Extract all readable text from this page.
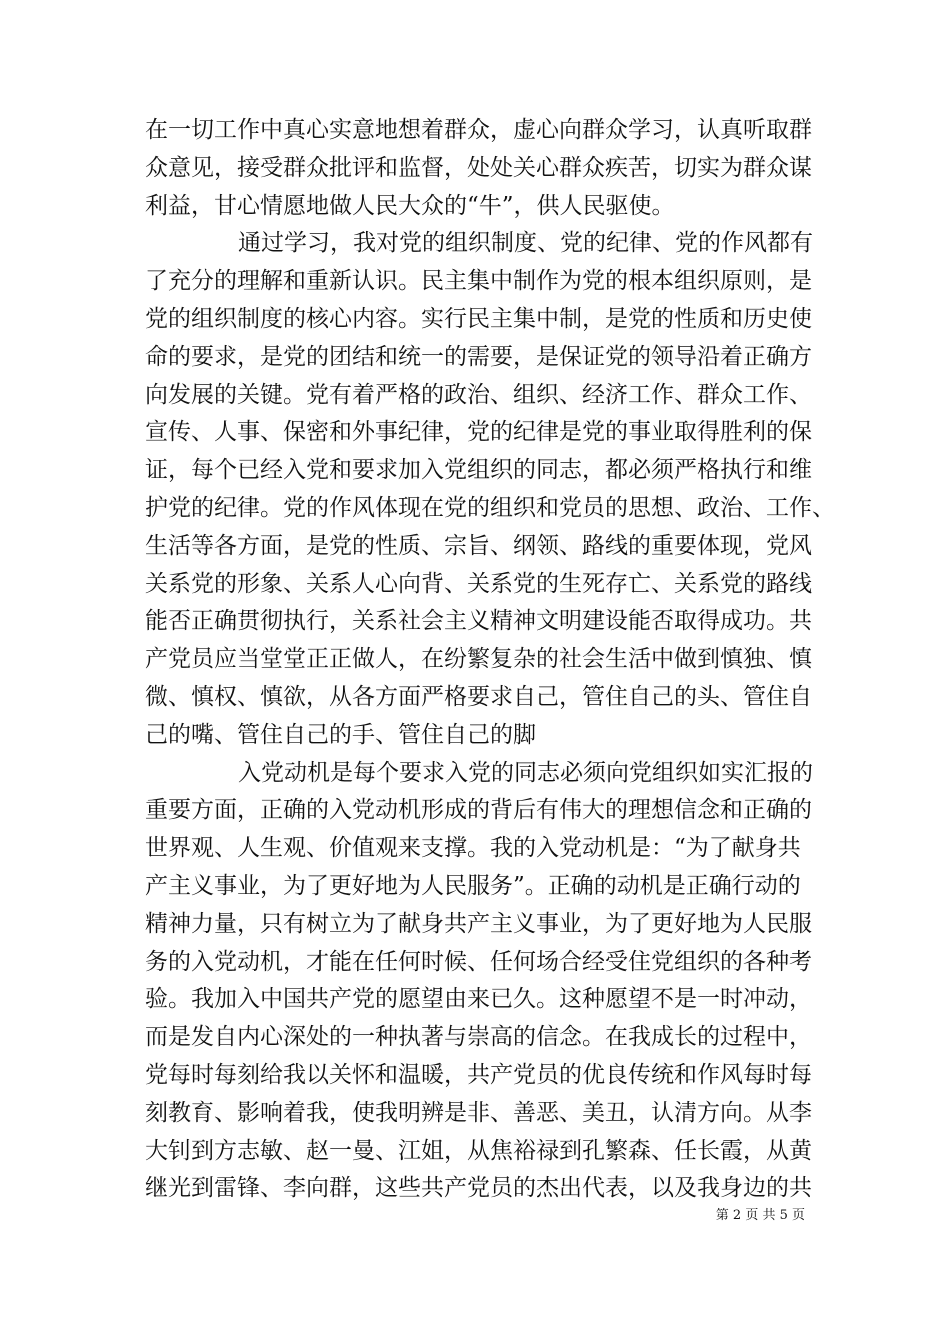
在一切工作中真心实意地想着群众，虚心向群众学习，认真听取群
众意见，接受群众批评和监督，处处关心群众疾苦，切实为群众谋
利益，甘心情愿地做人民大众的“牛”，供人民驱使。
通过学习，我对党的组织制度、党的纪律、党的作风都有
了充分的理解和重新认识。民主集中制作为党的根本组织原则，是
党的组织制度的核心内容。实行民主集中制，是党的性质和历史使
命的要求，是党的团结和统一的需要，是保证党的领导沿着正确方
向发展的关键。党有着严格的政治、组织、经济工作、群众工作、
宣传、人事、保密和外事纪律，党的纪律是党的事业取得胜利的保
证，每个已经入党和要求加入党组织的同志，都必须严格执行和维
护党的纪律。党的作风体现在党的组织和党员的思想、政治、工作、
生活等各方面，是党的性质、宗旨、纲领、路线的重要体现，党风
关系党的形象、关系人心向背、关系党的生死存亡、关系党的路线
能否正确贯彻执行，关系社会主义精神文明建设能否取得成功。共
产党员应当堂堂正正做人，在纷繁复杂的社会生活中做到慎独、慎
微、慎权、慎欲，从各方面严格要求自己，管住自己的头、管住自
己的嘴、管住自己的手、管住自己的脚
入党动机是每个要求入党的同志必须向党组织如实汇报的
重要方面，正确的入党动机形成的背后有伟大的理想信念和正确的
世界观、人生观、价值观来支撑。我的入党动机是：“为了献身共
产主义事业，为了更好地为人民服务”。正确的动机是正确行动的
精神力量，只有树立为了献身共产主义事业，为了更好地为人民服
务的入党动机，才能在任何时候、任何场合经受住党组织的各种考
验。我加入中国共产党的愿望由来已久。这种愿望不是一时冲动，
而是发自内心深处的一种执著与崇高的信念。在我成长的过程中，
党每时每刻给我以关怀和温暖，共产党员的优良传统和作风每时每
刻教育、影响着我，使我明辨是非、善恶、美丑，认清方向。从李
大钊到方志敏、赵一曼、江姐，从焦裕禄到孔繁森、任长霞，从黄
继光到雷锋、李向群，这些共产党员的杰出代表，以及我身边的共
第 2 页 共 5 页
